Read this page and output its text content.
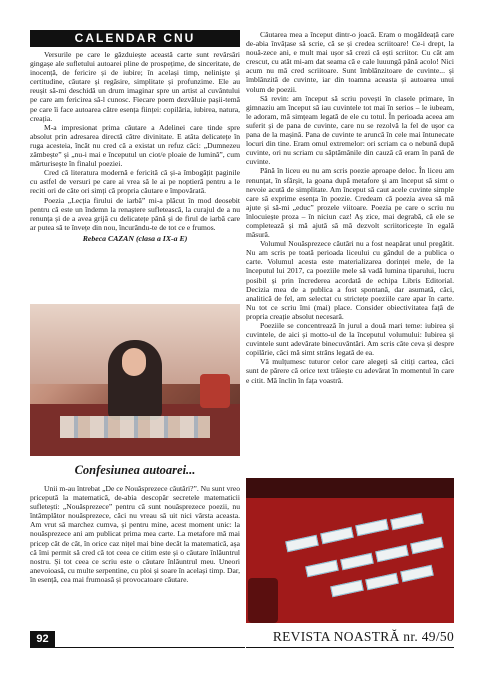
CALENDAR CNU

Versurile pe care le găzduiește această carte sunt revărsări gingașe ale sufletului autoarei pline de prospețime, de sinceritate, de inocență, de fericire și de iubire; în același timp, nelinişte și certitudine, căutare și regăsire, simplitate și profunzime. Ele au reușit să-mi deschidă un drum imaginar spre un artist al cuvântului pe care am fericirea să-l cunosc. Fiecare poem dezvăluie pașii-temă pe care îi face autoarea către esența ființei: copilăria, iubirea, natura, creația.

M-a impresionat prima căutare a Adelinei care tinde spre absolut prin adresarea directă către divinitate. E atâta delicatețe în ruga acesteia, încât nu cred că a existat un refuz căci: „Dumnezeu zâmbește” și „nu-i mai e începutul un ciot/e ploaie de lumină”, cum mărturisește în finalul poeziei.

Cred că literatura modernă e fericită că și-a îmbogățit paginile cu astfel de versuri pe care ai vrea să le ai pe noptieră pentru a le reciti ori de câte ori simți că propria căutare e împovărată.

Poezia „Lecția firului de iarbă” mi-a plăcut în mod deosebit pentru că este un îndemn la renaștere sufletească, la curajul de a nu renunța și de a avea grijă cu delicatețe până și de firul de iarbă care ar putea să te învețe din nou, încurându-te de tot ce e frumos.

Rebeca CAZAN (clasa a IX-a E)
Confesiunea autoarei...

Unii m-au întrebat „De ce Nouăsprezece căutări?”. Nu sunt vreo pricepută la matematică, de-abia descopăr secretele matematicii sufletești: „Nouăsprezece” pentru că sunt nouăsprezece poezii, nu întâmplător nouăsprezece, căci nu vreau să uit nici vârsta aceasta. Am vrut să marchez cumva, și pentru mine, acest moment unic: la nouăsprezece ani am publicat prima mea carte. La metafore mă mai pricep cât de cât, în orice caz nițel mai bine decât la matematică, așa că îmi permit să cred că tot ceea ce citim este și o căutare înlăuntrul nostru. Și tot ceea ce scriu este o căutare înlăuntrul meu. Uneori anevoioasă, cu multe serpentine, cu ploi și soare în același timp. Dar, în esență, cea mai frumoasă și provocatoare căutare.

Căutarea mea a început dintr-o joacă. Eram o mogâldeață care de-abia învățase să scrie, că se și credea scriitoare! Ce-i drept, la nouă-zece ani, e mult mai ușor să crezi că ești scriitor. Cu cât am crescut, cu atât mi-am dat seama că e cale luuungă până acolo! Nici acum nu mă cred scriitoare. Sunt îmblânzitoare de cuvinte... și îmblânzită de cuvinte, iar din toamna aceasta și autoarea unui volum de poezii.

Să revin: am început să scriu povești în clasele primare, în gimnaziu am început să iau cuvintele tot mai în serios – le iubeam, le adoram, mă simțeam legată de ele cu totul. În perioada aceea am suferit și de pana de cuvinte, care nu se rezolvă la fel de ușor ca pana de la mașină. Pana de cuvinte te aruncă în cele mai întunecate locuri din tine. Eram omul extremelor: ori scriam ca o nebună după cuvinte, ori nu scriam cu săptămânile din cauză că eram în pană de cuvinte.

Până în liceu eu nu am scris poezie aproape deloc. În liceu am renunțat, în sfârșit, la goana după metafore și am început să simt o nevoie acută de simplitate. Am început să caut acele cuvinte simple care să exprime esența în poezie. Credeam că poezia avea să mă ajute și să-mi „educ” prozele viitoare. Poezia pe care o scriu nu înlocuiește proza – în niciun caz! Aș zice, mai degrabă, că ele se completează și mă ajută să mă dezvolt scriitoricește în egală măsură.

Volumul Nouăsprezece căutări nu a fost neapărat unul pregătit. Nu am scris pe toată perioada liceului cu gândul de a publica o carte. Volumul acesta este materializarea dorinței mele, de la începutul lui 2017, ca poeziile mele să vadă lumina tiparului, lucru posibil și prin încrederea acordată de echipa Libris Editorial. Decizia mea de a publica a fost spontană, dar asumată, căci, analitică de fel, am selectat cu strictețe poeziile care apar în carte. Nu tot ce scriu îmi (mai) place. Consider obiectivitatea față de propria creație absolut necesară.

Poeziile se concentrează în jurul a două mari teme: iubirea și cuvintele, de aici și motto-ul de la începutul volumului: Iubirea și cuvintele sunt adevărate binecuvântări. Am scris căte ceva și despre copilărie, căci mă simt strâns legată de ea.

Vă mulțumesc tuturor celor care alegeți să citiți cartea, căci sunt de părere că orice text trăiește cu adevărat în momentul în care e citit. Mă înclin în fața voastră.

92	REVISTA NOASTRĂ nr. 49/50
